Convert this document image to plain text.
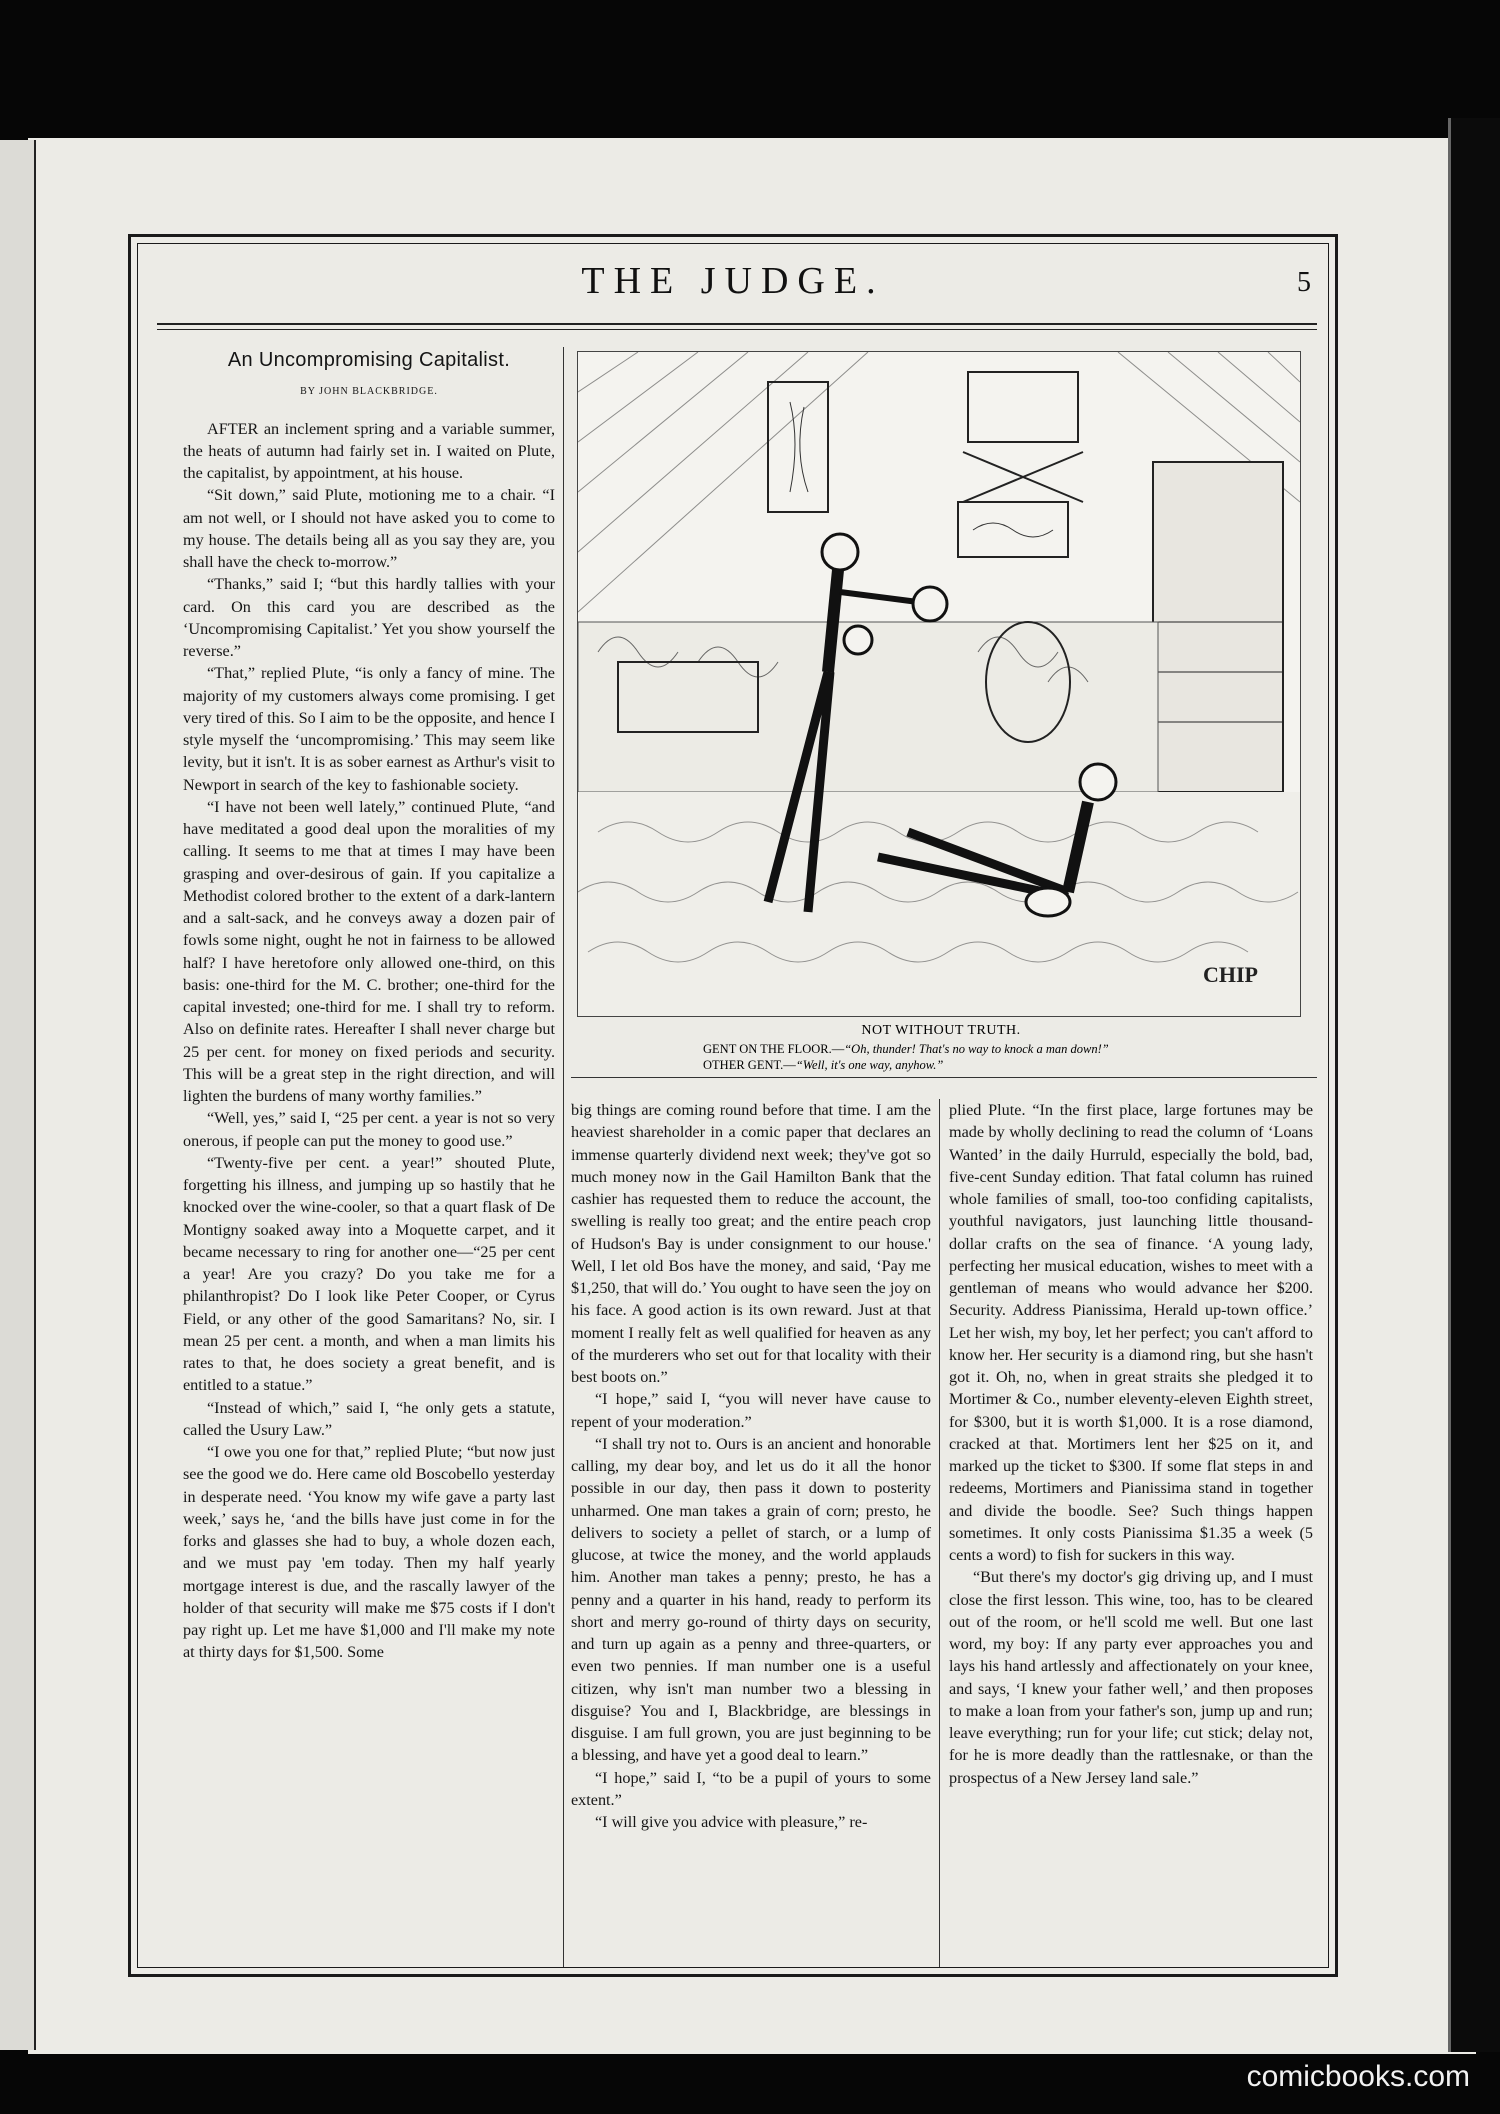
THE JUDGE.	5
An Uncompromising Capitalist.
BY JOHN BLACKBRIDGE.

AFTER an inclement spring and a variable summer, the heats of autumn had fairly set in. I waited on Plute, the capitalist, by appointment, at his house.

“Sit down,” said Plute, motioning me to a chair. “I am not well, or I should not have asked you to come to my house. The details being all as you say they are, you shall have the check to-morrow.”

“Thanks,” said I; “but this hardly tallies with your card. On this card you are described as the ‘Uncompromising Capitalist.’ Yet you show yourself the reverse.”

“That,” replied Plute, “is only a fancy of mine. The majority of my customers always come promising. I get very tired of this. So I aim to be the opposite, and hence I style myself the ‘uncompromising.’ This may seem like levity, but it isn't. It is as sober earnest as Arthur's visit to Newport in search of the key to fashionable society.

“I have not been well lately,” continued Plute, “and have meditated a good deal upon the moralities of my calling. It seems to me that at times I may have been grasping and over-desirous of gain. If you capitalize a Methodist colored brother to the extent of a dark-lantern and a salt-sack, and he conveys away a dozen pair of fowls some night, ought he not in fairness to be allowed half? I have heretofore only allowed one-third, on this basis: one-third for the M. C. brother; one-third for the capital invested; one-third for me. I shall try to reform. Also on definite rates. Hereafter I shall never charge but 25 per cent. for money on fixed periods and security. This will be a great step in the right direction, and will lighten the burdens of many worthy families.”

“Well, yes,” said I, “25 per cent. a year is not so very onerous, if people can put the money to good use.”

“Twenty-five per cent. a year!” shouted Plute, forgetting his illness, and jumping up so hastily that he knocked over the wine-cooler, so that a quart flask of De Montigny soaked away into a Moquette carpet, and it became necessary to ring for another one—“25 per cent a year! Are you crazy? Do you take me for a philanthropist? Do I look like Peter Cooper, or Cyrus Field, or any other of the good Samaritans? No, sir. I mean 25 per cent. a month, and when a man limits his rates to that, he does society a great benefit, and is entitled to a statue.”

“Instead of which,” said I, “he only gets a statute, called the Usury Law.”

“I owe you one for that,” replied Plute; “but now just see the good we do. Here came old Boscobello yesterday in desperate need. ‘You know my wife gave a party last week,’ says he, ‘and the bills have just come in for the forks and glasses she had to buy, a whole dozen each, and we must pay 'em today. Then my half yearly mortgage interest is due, and the rascally lawyer of the holder of that security will make me $75 costs if I don't pay right up. Let me have $1,000 and I'll make my note at thirty days for $1,500. Some

CHIP
NOT WITHOUT TRUTH.
GENT ON THE FLOOR.—“Oh, thunder! That's no way to knock a man down!”
OTHER GENT.—“Well, it's one way, anyhow.”

big things are coming round before that time. I am the heaviest shareholder in a comic paper that declares an immense quarterly dividend next week; they've got so much money now in the Gail Hamilton Bank that the cashier has requested them to reduce the account, the swelling is really too great; and the entire peach crop of Hudson's Bay is under consignment to our house.' Well, I let old Bos have the money, and said, ‘Pay me $1,250, that will do.’ You ought to have seen the joy on his face. A good action is its own reward. Just at that moment I really felt as well qualified for heaven as any of the murderers who set out for that locality with their best boots on.”

“I hope,” said I, “you will never have cause to repent of your moderation.”

“I shall try not to. Ours is an ancient and honorable calling, my dear boy, and let us do it all the honor possible in our day, then pass it down to posterity unharmed. One man takes a grain of corn; presto, he delivers to society a pellet of starch, or a lump of glucose, at twice the money, and the world applauds him. Another man takes a penny; presto, he has a penny and a quarter in his hand, ready to perform its short and merry go-round of thirty days on security, and turn up again as a penny and three-quarters, or even two pennies. If man number one is a useful citizen, why isn't man number two a blessing in disguise? You and I, Blackbridge, are blessings in disguise. I am full grown, you are just beginning to be a blessing, and have yet a good deal to learn.”

“I hope,” said I, “to be a pupil of yours to some extent.”

“I will give you advice with pleasure,” re-

plied Plute. “In the first place, large fortunes may be made by wholly declining to read the column of ‘Loans Wanted’ in the daily Hurruld, especially the bold, bad, five-cent Sunday edition. That fatal column has ruined whole families of small, too-too confiding capitalists, youthful navigators, just launching little thousand-dollar crafts on the sea of finance. ‘A young lady, perfecting her musical education, wishes to meet with a gentleman of means who would advance her $200. Security. Address Pianissima, Herald up-town office.’ Let her wish, my boy, let her perfect; you can't afford to know her. Her security is a diamond ring, but she hasn't got it. Oh, no, when in great straits she pledged it to Mortimer & Co., number eleventy-eleven Eighth street, for $300, but it is worth $1,000. It is a rose diamond, cracked at that. Mortimers lent her $25 on it, and marked up the ticket to $300. If some flat steps in and redeems, Mortimers and Pianissima stand in together and divide the boodle. See? Such things happen sometimes. It only costs Pianissima $1.35 a week (5 cents a word) to fish for suckers in this way.

“But there's my doctor's gig driving up, and I must close the first lesson. This wine, too, has to be cleared out of the room, or he'll scold me well. But one last word, my boy: If any party ever approaches you and lays his hand artlessly and affectionately on your knee, and says, ‘I knew your father well,’ and then proposes to make a loan from your father's son, jump up and run; leave everything; run for your life; cut stick; delay not, for he is more deadly than the rattlesnake, or than the prospectus of a New Jersey land sale.”

comicbooks.com
